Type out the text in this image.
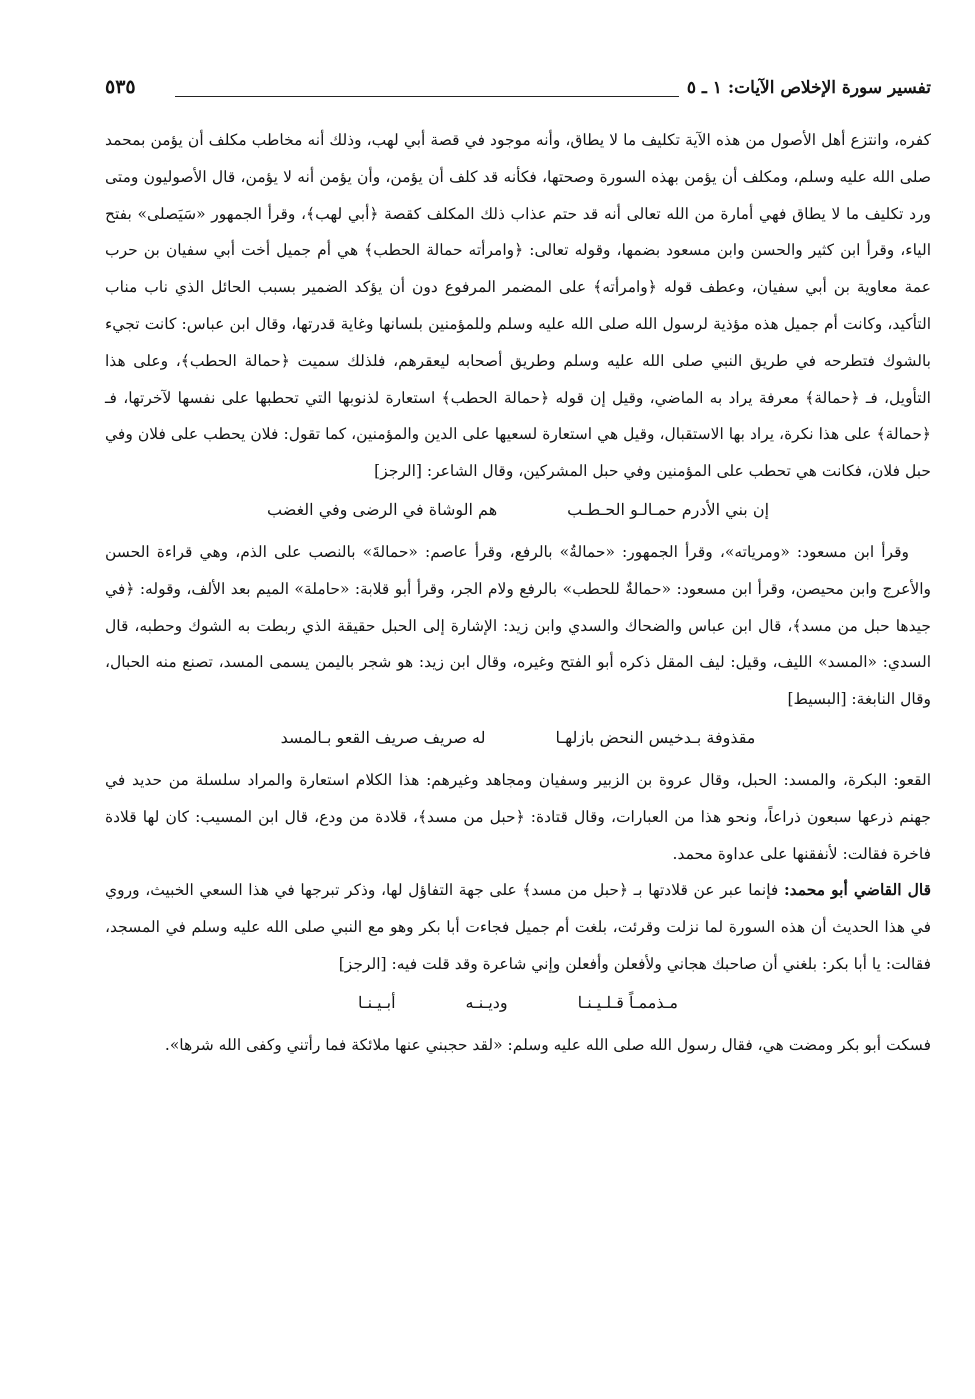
تفسير سورة الإخلاص الآيات: ١ ـ ٥
٥٣٥

كفره، وانتزع أهل الأصول من هذه الآية تكليف ما لا يطاق، وأنه موجود في قصة أبي لهب، وذلك أنه مخاطب مكلف أن يؤمن بمحمد صلى الله عليه وسلم، ومكلف أن يؤمن بهذه السورة وصحتها، فكأنه قد كلف أن يؤمن، وأن يؤمن أنه لا يؤمن، قال الأصوليون ومتى ورد تكليف ما لا يطاق فهي أمارة من الله تعالى أنه قد حتم عذاب ذلك المكلف كقصة ﴿أبي لهب﴾، وقرأ الجمهور «سَيَصلى» بفتح الياء، وقرأ ابن كثير والحسن وابن مسعود بضمها، وقوله تعالى: ﴿وامرأته حمالة الحطب﴾ هي أم جميل أخت أبي سفيان بن حرب عمة معاوية بن أبي سفيان، وعطف قوله ﴿وامرأته﴾ على المضمر المرفوع دون أن يؤكد الضمير بسبب الحائل الذي ناب مناب التأكيد، وكانت أم جميل هذه مؤذية لرسول الله صلى الله عليه وسلم وللمؤمنين بلسانها وغاية قدرتها، وقال ابن عباس: كانت تجيء بالشوك فتطرحه في طريق النبي صلى الله عليه وسلم وطريق أصحابه ليعقرهم، فلذلك سميت ﴿حمالة الحطب﴾، وعلى هذا التأويل، فـ ﴿حمالة﴾ معرفة يراد به الماضي، وقيل إن قوله ﴿حمالة الحطب﴾ استعارة لذنوبها التي تحطبها على نفسها لآخرتها، فـ ﴿حمالة﴾ على هذا نكرة، يراد بها الاستقبال، وقيل هي استعارة لسعيها على الدين والمؤمنين، كما تقول: فلان يحطب على فلان وفي حبل فلان، فكانت هي تحطب على المؤمنين وفي حبل المشركين، وقال الشاعر: [الرجز]

إن بني الأدرم حمـالـو الحـطـب
هم الوشاة في الرضى وفي الغضب

وقرأ ابن مسعود: «ومرياته»، وقرأ الجمهور: «حمالةُ» بالرفع، وقرأ عاصم: «حمالةَ» بالنصب على الذم، وهي قراءة الحسن والأعرج وابن محيصن، وقرأ ابن مسعود: «حمالةٌ للحطب» بالرفع ولام الجر، وقرأ أبو قلابة: «حاملة» الميم بعد الألف، وقوله: ﴿في جيدها حبل من مسد﴾، قال ابن عباس والضحاك والسدي وابن زيد: الإشارة إلى الحبل حقيقة الذي ربطت به الشوك وحطبه، قال السدي: «المسد» الليف، وقيل: ليف المقل ذكره أبو الفتح وغيره، وقال ابن زيد: هو شجر باليمن يسمى المسد، تصنع منه الحبال، وقال النابغة: [البسيط]

مقذوفة بـدخيس النحض بازلهـا
له صريف صريف القعو بـالمسد

القعو: البكرة، والمسد: الحبل، وقال عروة بن الزبير وسفيان ومجاهد وغيرهم: هذا الكلام استعارة والمراد سلسلة من حديد في جهنم ذرعها سبعون ذراعاً، ونحو هذا من العبارات، وقال قتادة: ﴿حبل من مسد﴾، قلادة من ودع، قال ابن المسيب: كان لها قلادة فاخرة فقالت: لأنفقنها على عداوة محمد.

قال القاضي أبو محمد: فإنما عبر عن قلادتها بـ ﴿حبل من مسد﴾ على جهة التفاؤل لها، وذكر تبرجها في هذا السعي الخبيث، وروي في هذا الحديث أن هذه السورة لما نزلت وقرئت، بلغت أم جميل فجاءت أبا بكر وهو مع النبي صلى الله عليه وسلم في المسجد، فقالت: يا أبا بكر: بلغني أن صاحبك هجاني ولأفعلن وأفعلن وإني شاعرة وقد قلت فيه: [الرجز]

مـذممـاً قـلـيـنـا
وديـنـه
أبـيـنـا

فسكت أبو بكر ومضت هي، فقال رسول الله صلى الله عليه وسلم: «لقد حجبني عنها ملائكة فما رأتني وكفى الله شرها».
